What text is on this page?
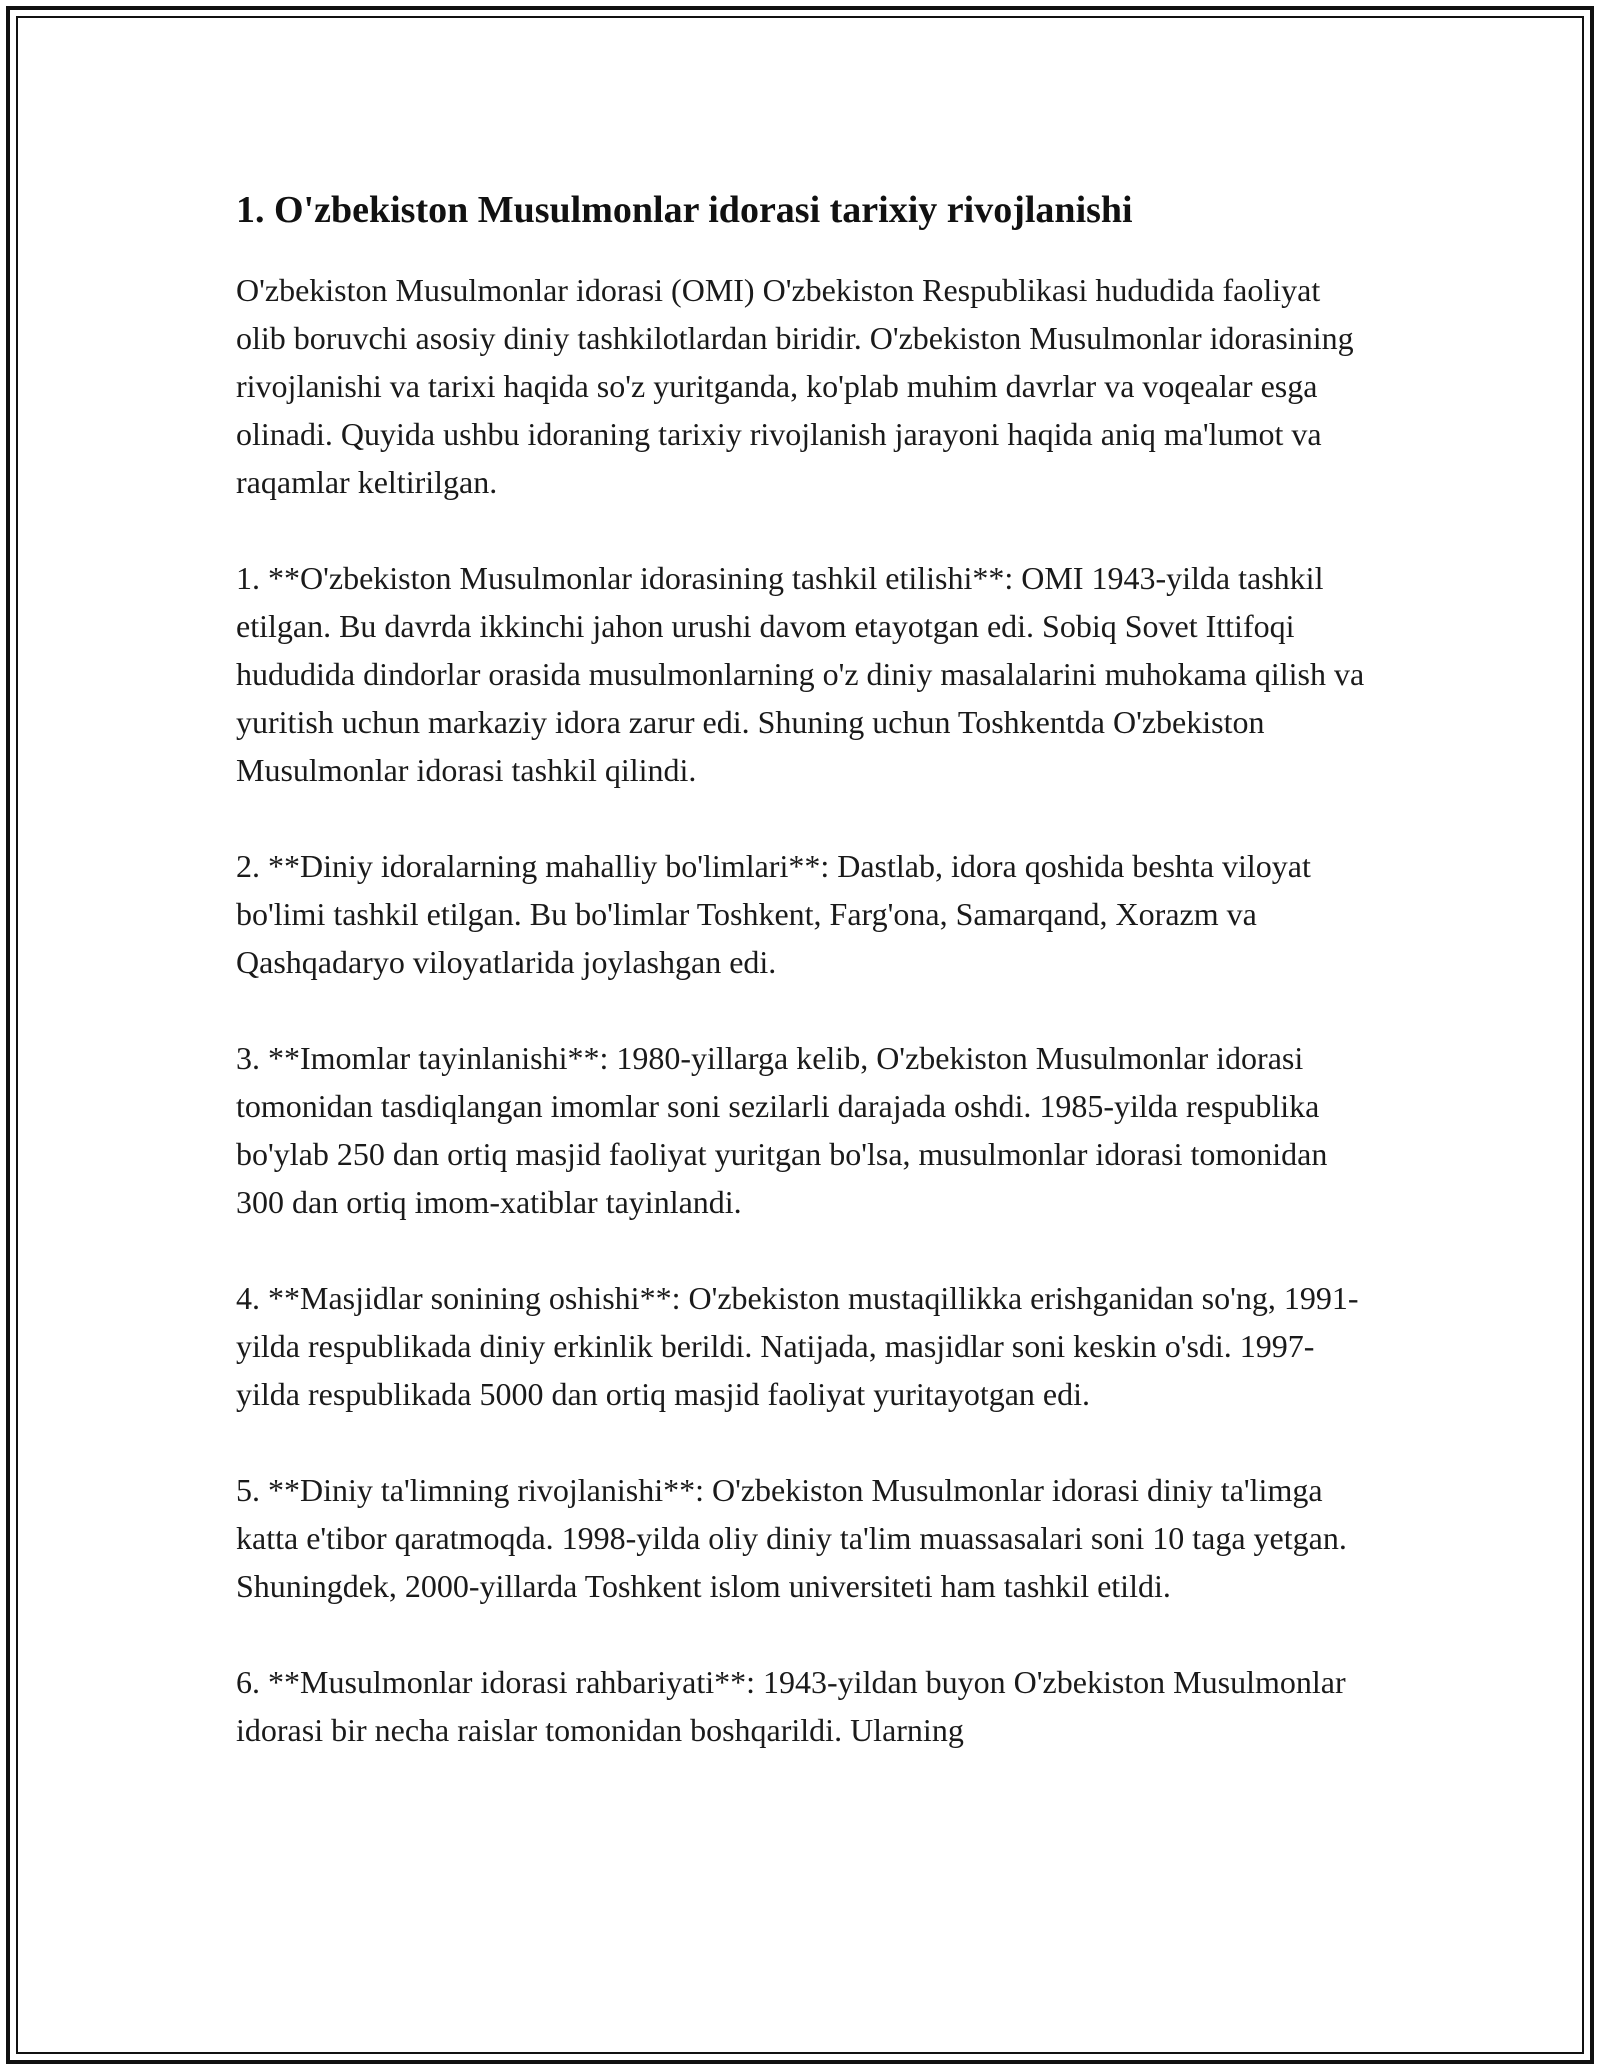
1. O'zbekiston Musulmonlar idorasi tarixiy rivojlanishi

O'zbekiston Musulmonlar idorasi (OMI) O'zbekiston Respublikasi hududida faoliyat olib boruvchi asosiy diniy tashkilotlardan biridir. O'zbekiston Musulmonlar idorasining rivojlanishi va tarixi haqida so'z yuritganda, ko'plab muhim davrlar va voqealar esga olinadi. Quyida ushbu idoraning tarixiy rivojlanish jarayoni haqida aniq ma'lumot va raqamlar keltirilgan.

1. **O'zbekiston Musulmonlar idorasining tashkil etilishi**: OMI 1943-yilda tashkil etilgan. Bu davrda ikkinchi jahon urushi davom etayotgan edi. Sobiq Sovet Ittifoqi hududida dindorlar orasida musulmonlarning o'z diniy masalalarini muhokama qilish va yuritish uchun markaziy idora zarur edi. Shuning uchun Toshkentda O'zbekiston Musulmonlar idorasi tashkil qilindi.

2. **Diniy idoralarning mahalliy bo'limlari**: Dastlab, idora qoshida beshta viloyat bo'limi tashkil etilgan. Bu bo'limlar Toshkent, Farg'ona, Samarqand, Xorazm va Qashqadaryo viloyatlarida joylashgan edi.

3. **Imomlar tayinlanishi**: 1980-yillarga kelib, O'zbekiston Musulmonlar idorasi tomonidan tasdiqlangan imomlar soni sezilarli darajada oshdi. 1985-yilda respublika bo'ylab 250 dan ortiq masjid faoliyat yuritgan bo'lsa, musulmonlar idorasi tomonidan 300 dan ortiq imom-xatiblar tayinlandi.

4. **Masjidlar sonining oshishi**: O'zbekiston mustaqillikka erishganidan so'ng, 1991-yilda respublikada diniy erkinlik berildi. Natijada, masjidlar soni keskin o'sdi. 1997-yilda respublikada 5000 dan ortiq masjid faoliyat yuritayotgan edi.

5. **Diniy ta'limning rivojlanishi**: O'zbekiston Musulmonlar idorasi diniy ta'limga katta e'tibor qaratmoqda. 1998-yilda oliy diniy ta'lim muassasalari soni 10 taga yetgan. Shuningdek, 2000-yillarda Toshkent islom universiteti ham tashkil etildi.

6. **Musulmonlar idorasi rahbariyati**: 1943-yildan buyon O'zbekiston Musulmonlar idorasi bir necha raislar tomonidan boshqarildi. Ularning
